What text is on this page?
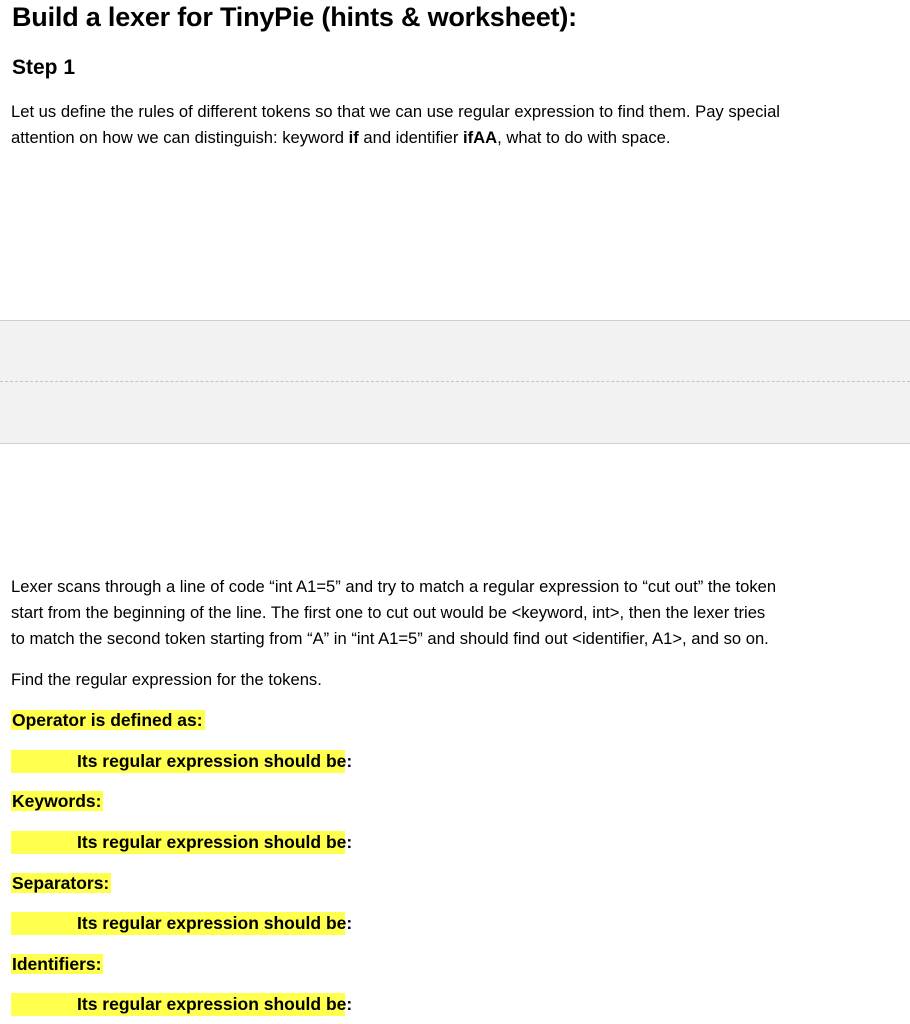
Build a lexer for TinyPie (hints & worksheet):
Step 1
Let us define the rules of different tokens so that we can use regular expression to find them. Pay special
attention on how we can distinguish: keyword if and identifier ifAA, what to do with space.
Lexer scans through a line of code “int A1=5” and try to match a regular expression to “cut out” the token
start from the beginning of the line. The first one to cut out would be <keyword, int>, then the lexer tries
to match the second token starting from “A” in “int A1=5” and should find out <identifier, A1>, and so on.
Find the regular expression for the tokens.
Operator is defined as:
Its regular expression should be:
Keywords:
Its regular expression should be:
Separators:
Its regular expression should be:
Identifiers:
Its regular expression should be:
